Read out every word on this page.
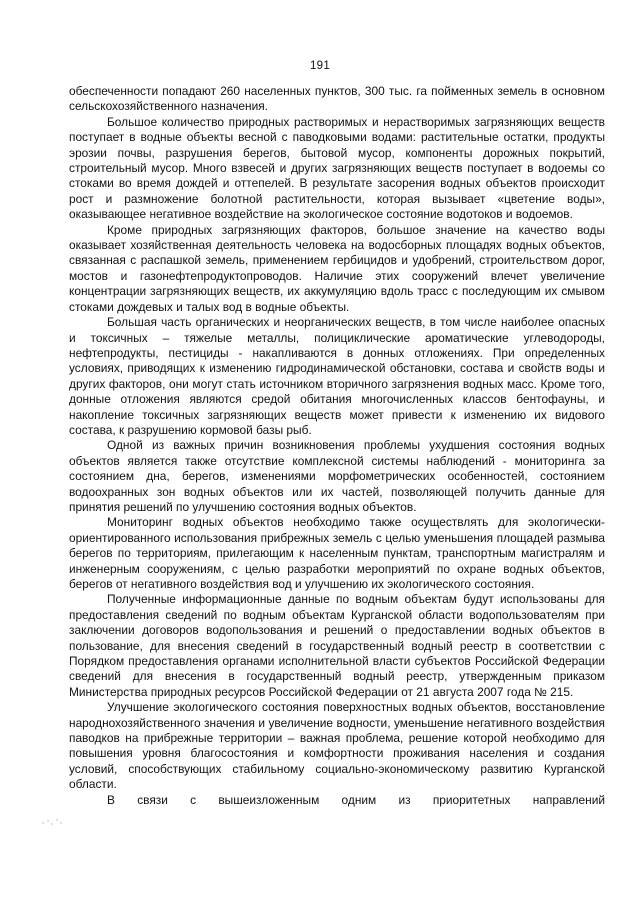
191

обеспеченности попадают 260 населенных пунктов, 300 тыс. га пойменных земель в основном сельскохозяйственного назначения.

Большое количество природных растворимых и нерастворимых загрязняющих веществ поступает в водные объекты весной с паводковыми водами: растительные остатки, продукты эрозии почвы, разрушения берегов, бытовой мусор, компоненты дорожных покрытий, строительный мусор. Много взвесей и других загрязняющих веществ поступает в водоемы со стоками во время дождей и оттепелей. В результате засорения водных объектов происходит рост и размножение болотной растительности, которая вызывает «цветение воды», оказывающее негативное воздействие на экологическое состояние водотоков и водоемов.

Кроме природных загрязняющих факторов, большое значение на качество воды оказывает хозяйственная деятельность человека на водосборных площадях водных объектов, связанная с распашкой земель, применением гербицидов и удобрений, строительством дорог, мостов и газонефтепродуктопроводов. Наличие этих сооружений влечет увеличение концентрации загрязняющих веществ, их аккумуляцию вдоль трасс с последующим их смывом стоками дождевых и талых вод в водные объекты.

Большая часть органических и неорганических веществ, в том числе наиболее опасных и токсичных – тяжелые металлы, полициклические ароматические углеводороды, нефтепродукты, пестициды - накапливаются в донных отложениях. При определенных условиях, приводящих к изменению гидродинамической обстановки, состава и свойств воды и других факторов, они могут стать источником вторичного загрязнения водных масс. Кроме того, донные отложения являются средой обитания многочисленных классов бентофауны, и накопление токсичных загрязняющих веществ может привести к изменению их видового состава, к разрушению кормовой базы рыб.

Одной из важных причин возникновения проблемы ухудшения состояния водных объектов является также отсутствие комплексной системы наблюдений - мониторинга за состоянием дна, берегов, изменениями морфометрических особенностей, состоянием водоохранных зон водных объектов или их частей, позволяющей получить данные для принятия решений по улучшению состояния водных объектов.

Мониторинг водных объектов необходимо также осуществлять для экологически-ориентированного использования прибрежных земель с целью уменьшения площадей размыва берегов по территориям, прилегающим к населенным пунктам, транспортным магистралям и инженерным сооружениям, с целью разработки мероприятий по охране водных объектов, берегов от негативного воздействия вод и улучшению их экологического состояния.

Полученные информационные данные по водным объектам будут использованы для предоставления сведений по водным объектам Курганской области водопользователям при заключении договоров водопользования и решений о предоставлении водных объектов в пользование, для внесения сведений в государственный водный реестр в соответствии с Порядком предоставления органами исполнительной власти субъектов Российской Федерации сведений для внесения в государственный водный реестр, утвержденным приказом Министерства природных ресурсов Российской Федерации от 21 августа 2007 года № 215.

Улучшение экологического состояния поверхностных водных объектов, восстановление народнохозяйственного значения и увеличение водности, уменьшение негативного воздействия паводков на прибрежные территории – важная проблема, решение которой необходимо для повышения уровня благосостояния и комфортности проживания населения и создания условий, способствующих стабильному социально-экономическому развитию Курганской области.

В связи с вышеизложенным одним из приоритетных направлений
